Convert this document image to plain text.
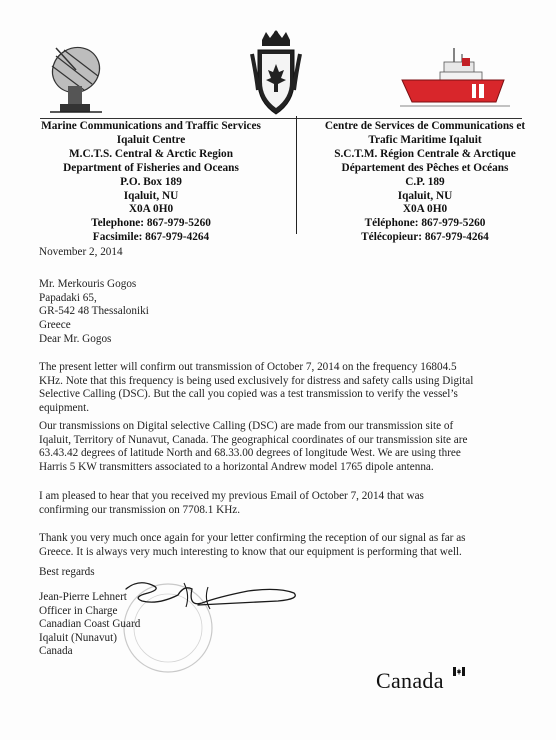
Marine Communications and Traffic Services
Iqaluit Centre
M.C.T.S. Central & Arctic Region
Department of Fisheries and Oceans
P.O. Box 189
Iqaluit, NU
X0A 0H0
Telephone: 867-979-5260
Facsimile: 867-979-4264
Centre de Services de Communications et
Trafic Maritime Iqaluit
S.C.T.M. Région Centrale & Arctique
Département des Pêches et Océans
C.P. 189
Iqaluit, NU
X0A 0H0
Téléphone: 867-979-5260
Télécopieur: 867-979-4264
November 2, 2014
Mr. Merkouris Gogos
Papadaki 65,
GR-542 48 Thessaloniki
Greece
Dear Mr. Gogos
The present letter will confirm out transmission of October 7, 2014 on the frequency 16804.5
KHz. Note that this frequency is being used exclusively for distress and safety calls using Digital
Selective Calling (DSC). But the call you copied was a test transmission to verify the vessel’s
equipment.
Our transmissions on Digital selective Calling (DSC) are made from our transmission site of
Iqaluit, Territory of Nunavut, Canada. The geographical coordinates of our transmission site are
63.43.42 degrees of latitude North and 68.33.00 degrees of longitude West. We are using three
Harris 5 KW transmitters associated to a horizontal Andrew model 1765 dipole antenna.
I am pleased to hear that you received my previous Email of October 7, 2014 that was
confirming our transmission on 7708.1 KHz.
Thank you very much once again for your letter confirming the reception of our signal as far as
Greece. It is always very much interesting to know that our equipment is performing that well.
Best regards
Jean-Pierre Lehnert
Officer in Charge
Canadian Coast Guard
Iqaluit (Nunavut)
Canada
Canada
